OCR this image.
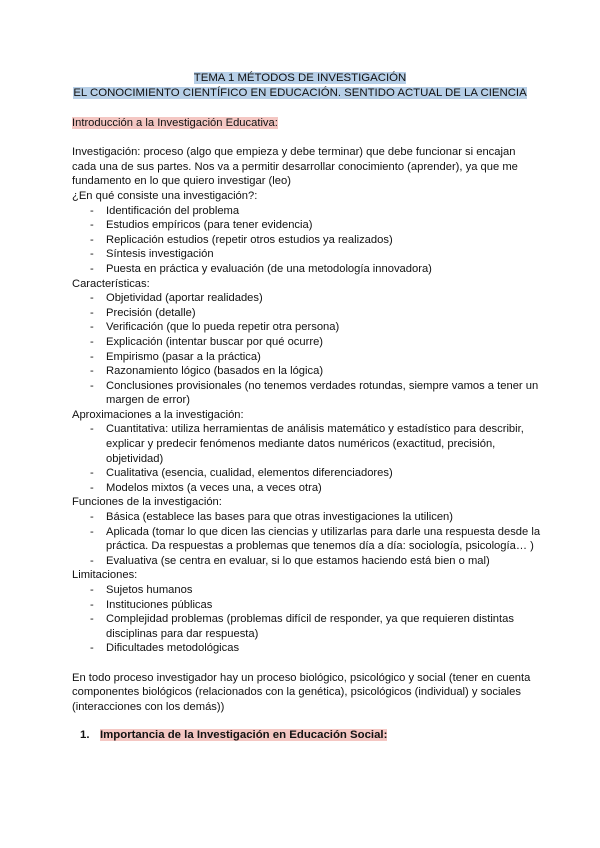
TEMA 1 MÉTODOS DE INVESTIGACIÓN
EL CONOCIMIENTO CIENTÍFICO EN EDUCACIÓN. SENTIDO ACTUAL DE LA CIENCIA

Introducción a la Investigación Educativa:

Investigación: proceso (algo que empieza y debe terminar) que debe funcionar si encajan cada una de sus partes. Nos va a permitir desarrollar conocimiento (aprender), ya que me fundamento en lo que quiero investigar (leo)

¿En qué consiste una investigación?:

- Identificación del problema
- Estudios empíricos (para tener evidencia)
- Replicación estudios (repetir otros estudios ya realizados)
- Síntesis investigación
- Puesta en práctica y evaluación (de una metodología innovadora)

Características:

- Objetividad (aportar realidades)
- Precisión (detalle)
- Verificación (que lo pueda repetir otra persona)
- Explicación (intentar buscar por qué ocurre)
- Empirismo (pasar a la práctica)
- Razonamiento lógico (basados en la lógica)
- Conclusiones provisionales (no tenemos verdades rotundas, siempre vamos a tener un margen de error)

Aproximaciones a la investigación:

- Cuantitativa: utiliza herramientas de análisis matemático y estadístico para describir, explicar y predecir fenómenos mediante datos numéricos (exactitud, precisión, objetividad)
- Cualitativa (esencia, cualidad, elementos diferenciadores)
- Modelos mixtos (a veces una, a veces otra)

Funciones de la investigación:

- Básica (establece las bases para que otras investigaciones la utilicen)
- Aplicada (tomar lo que dicen las ciencias y utilizarlas para darle una respuesta desde la práctica. Da respuestas a problemas que tenemos día a día: sociología, psicología… )
- Evaluativa (se centra en evaluar, si lo que estamos haciendo está bien o mal)

Limitaciones:

- Sujetos humanos
- Instituciones públicas
- Complejidad problemas (problemas difícil de responder, ya que requieren distintas disciplinas para dar respuesta)
- Dificultades metodológicas

En todo proceso investigador hay un proceso biológico, psicológico y social (tener en cuenta componentes biológicos (relacionados con la genética), psicológicos (individual) y sociales (interacciones con los demás))

1. Importancia de la Investigación en Educación Social:
